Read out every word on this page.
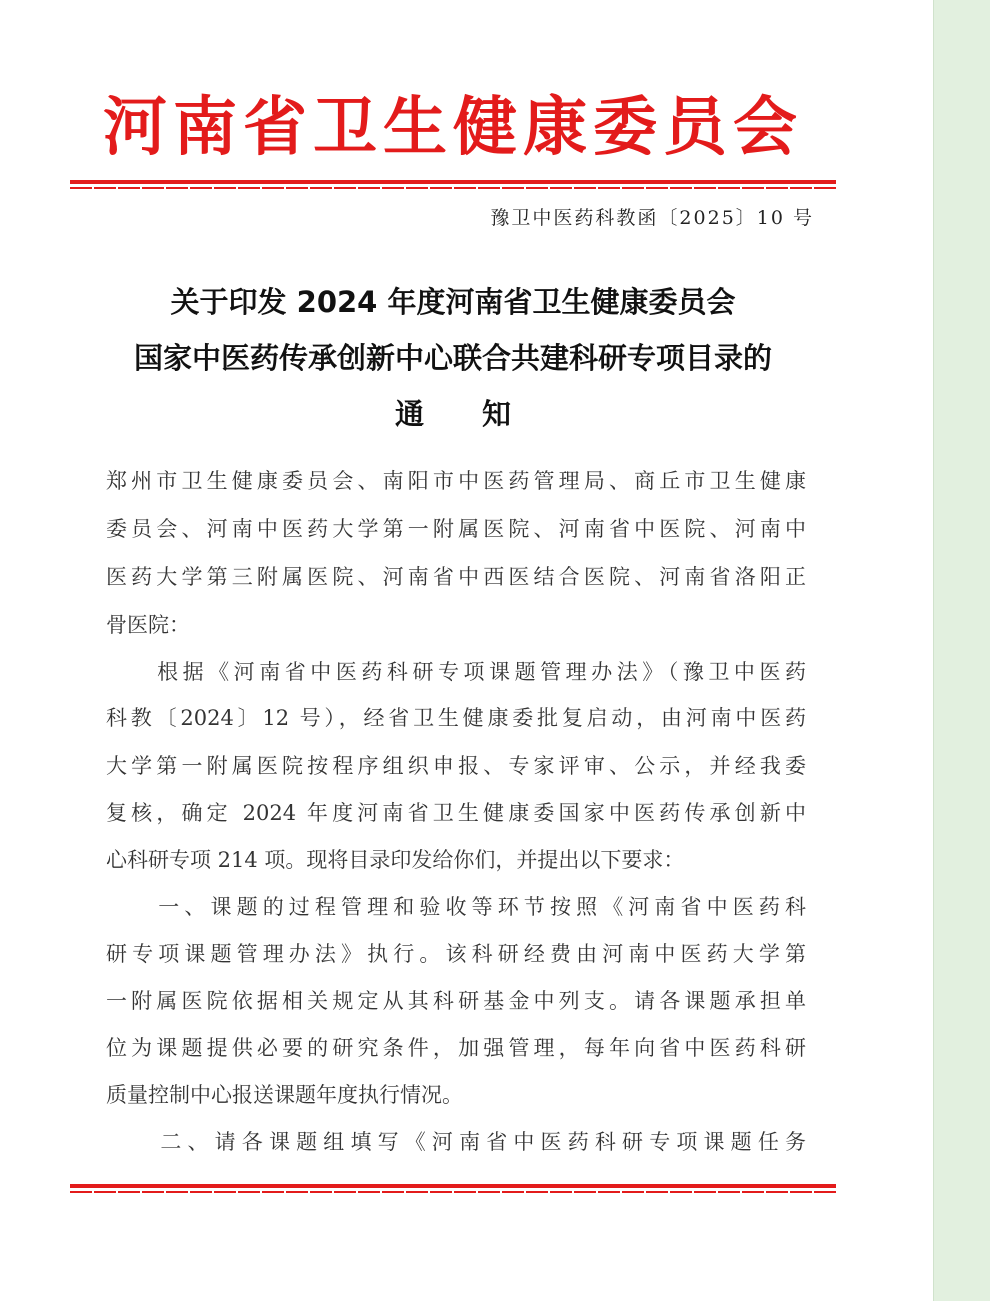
河南省卫生健康委员会
豫卫中医药科教函〔2025〕10 号
关于印发 2024 年度河南省卫生健康委员会
国家中医药传承创新中心联合共建科研专项目录的
通知
郑州市卫生健康委员会、南阳市中医药管理局、商丘市卫生健康
委员会、河南中医药大学第一附属医院、河南省中医院、河南中
医药大学第三附属医院、河南省中西医结合医院、河南省洛阳正
骨医院：
　　根据《河南省中医药科研专项课题管理办法》（豫卫中医药
科教〔2024〕12 号），经省卫生健康委批复启动，由河南中医药
大学第一附属医院按程序组织申报、专家评审、公示，并经我委
复核，确定 2024 年度河南省卫生健康委国家中医药传承创新中
心科研专项 214 项。现将目录印发给你们，并提出以下要求：
　　一、课题的过程管理和验收等环节按照《河南省中医药科
研专项课题管理办法》执行。该科研经费由河南中医药大学第
一附属医院依据相关规定从其科研基金中列支。请各课题承担单
位为课题提供必要的研究条件，加强管理，每年向省中医药科研
质量控制中心报送课题年度执行情况。
　　二、请各课题组填写《河南省中医药科研专项课题任务
